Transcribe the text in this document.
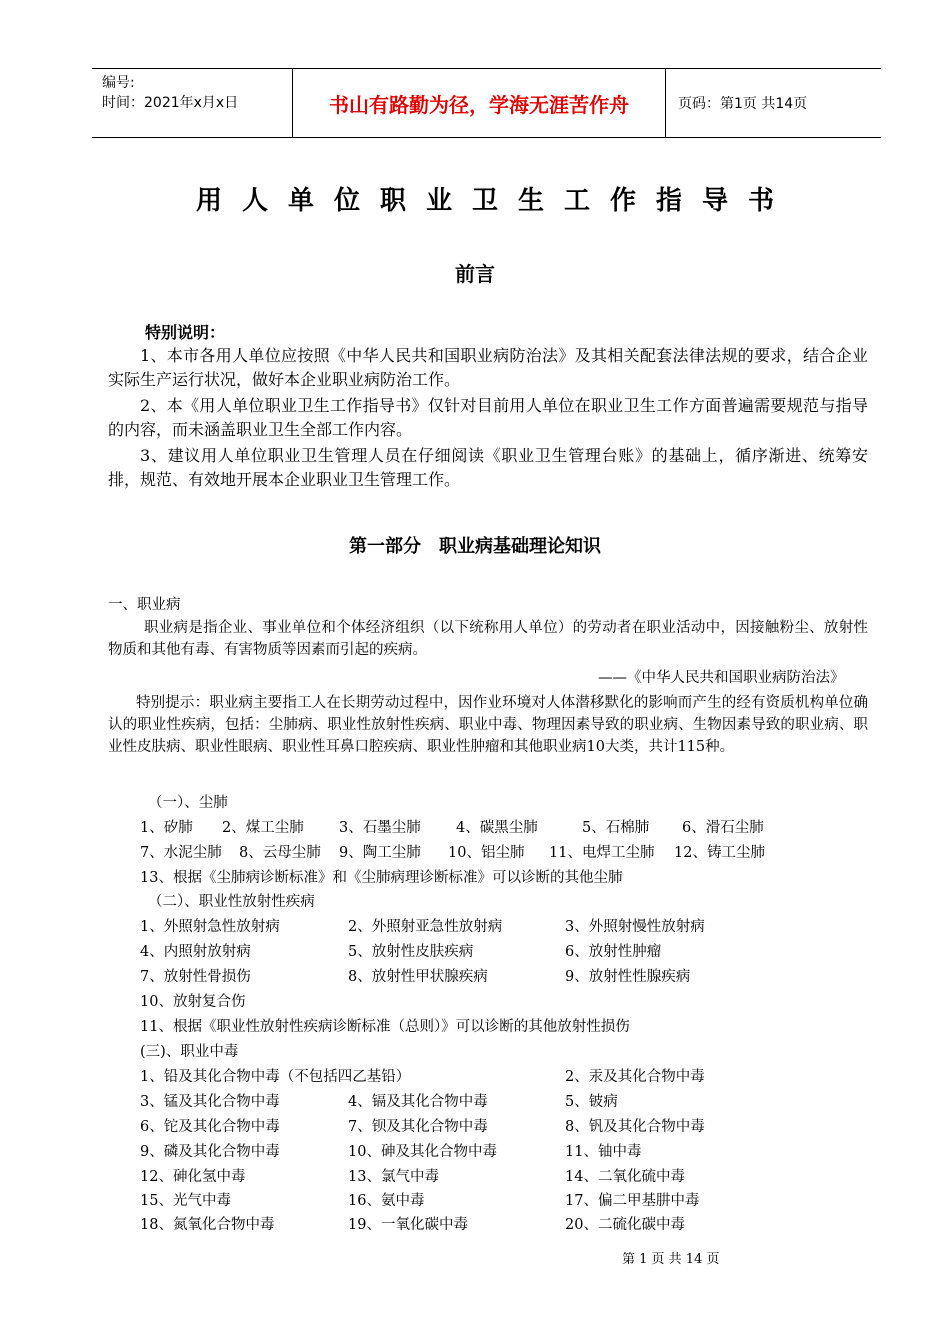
编号:
时间：2021年x月x日	书山有路勤为径，学海无涯苦作舟	页码：第1页 共14页
用人单位职业卫生工作指导书
前言
特别说明：
1、本市各用人单位应按照《中华人民共和国职业病防治法》及其相关配套法律法规的要求，结合企业实际生产运行状况，做好本企业职业病防治工作。
2、本《用人单位职业卫生工作指导书》仅针对目前用人单位在职业卫生工作方面普遍需要规范与指导的内容，而未涵盖职业卫生全部工作内容。
3、建议用人单位职业卫生管理人员在仔细阅读《职业卫生管理台账》的基础上，循序渐进、统筹安排，规范、有效地开展本企业职业卫生管理工作。
第一部分　职业病基础理论知识
一、职业病
职业病是指企业、事业单位和个体经济组织（以下统称用人单位）的劳动者在职业活动中，因接触粉尘、放射性物质和其他有毒、有害物质等因素而引起的疾病。
——《中华人民共和国职业病防治法》
特别提示：职业病主要指工人在长期劳动过程中，因作业环境对人体潜移默化的影响而产生的经有资质机构单位确认的职业性疾病，包括：尘肺病、职业性放射性疾病、职业中毒、物理因素导致的职业病、生物因素导致的职业病、职业性皮肤病、职业性眼病、职业性耳鼻口腔疾病、职业性肿瘤和其他职业病10大类，共计115种。
（一）、尘肺
1、矽肺 2、煤工尘肺 3、石墨尘肺 4、碳黑尘肺	5、石棉肺 6、滑石尘肺
7、水泥尘肺 8、云母尘肺 9、陶工尘肺 10、铝尘肺 11、电焊工尘肺 12、铸工尘肺
13、根据《尘肺病诊断标准》和《尘肺病理诊断标准》可以诊断的其他尘肺
（二）、职业性放射性疾病
1、外照射急性放射病	2、外照射亚急性放射病	3、外照射慢性放射病
4、内照射放射病	5、放射性皮肤疾病	6、放射性肿瘤
7、放射性骨损伤	8、放射性甲状腺疾病	9、放射性性腺疾病
10、放射复合伤
11、根据《职业性放射性疾病诊断标准（总则）》可以诊断的其他放射性损伤
(三)、职业中毒
1、铅及其化合物中毒（不包括四乙基铅）	2、汞及其化合物中毒
3、锰及其化合物中毒	4、镉及其化合物中毒	5、铍病
6、铊及其化合物中毒	7、钡及其化合物中毒	8、钒及其化合物中毒
9、磷及其化合物中毒	10、砷及其化合物中毒	11、铀中毒
12、砷化氢中毒	13、氯气中毒	14、二氧化硫中毒
15、光气中毒	16、氨中毒	17、偏二甲基肼中毒
18、氮氧化合物中毒	19、一氧化碳中毒	20、二硫化碳中毒
第 1 页 共 14 页
